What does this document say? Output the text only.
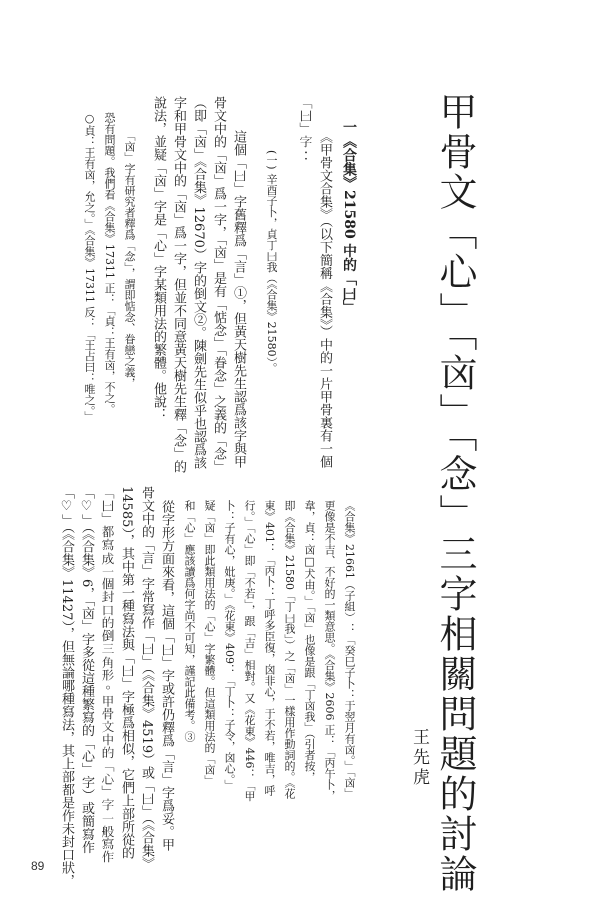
甲骨文「心」「㐫」「念」三字相關問題的討論
王先虎
一《合集》21580 中的「𠙵」
《甲骨文合集》（以下簡稱《合集》）中的一片甲骨裏有一個
「𠙵」字：
(一) 辛酉子卜，貞丁𠙵我（《合集》21580）。
這個「𠙵」字舊釋爲「言」①，但黃天樹先生認爲該字與甲
骨文中的「㐫」爲一字，「㐫」是有「惦念」「眷念」之義的「念」
（即「㐫」《合集》12670）字的倒文②。陳劍先生似乎也認爲該
字和甲骨文中的「㐫」爲一字，但並不同意黃天樹先生釋「念」的
說法，並疑「㐫」字是「心」字某類用法的繁體。他說：
「㐫」字有研究者釋爲「念」，謂即惦念、眷戀之義，
恐有問題。我們看《合集》17311 正：「貞：王有㐫，不之。
○貞：王有㐫，允之。」《合集》17311 反：「王占曰：唯之。」
《合集》21661（子組）：「癸巳子卜：于翌月有㐫。」「㐫」
更像是不吉、不好的一類意思。《合集》2606 正：「丙午卜，
韋，貞：㐫□犬由。」「㐫」也像是跟「丁㐫我」（引者按，
即《合集》21580「丁𠙵我」）之「㐫」一樣用作動詞的。《花
東》401：「丙卜：丁呼多臣復，囟非心，于不若，唯吉，呼
行。」「心」即「不若」，跟「吉」相對。又《花東》446：「甲
卜：子有心，妣庚。」《花東》409：「丁卜：子令，囟心。」
疑「㐫」即此類用法的「心」字繁體。但這類用法的「㐫」
和「心」應該讀爲何字尚不可知，謹記此備考。③
從字形方面來看，這個「𠙵」字或許仍釋爲「言」字爲妥。甲
骨文中的「言」字常寫作「𠙵」（《合集》4519）或「𠙵」（《合集》
14585），其中第一種寫法與「𠙵」字極爲相似，它們上部所從的
「𠙵」都寫成一個封口的倒三角形。甲骨文中的「心」字一般寫作
「♡」（《合集》6，「㐫」字多從這種繁寫的「心」字）或簡寫作
「♡」（《合集》11427），但無論哪種寫法，其上部都是作未封口狀，
89
